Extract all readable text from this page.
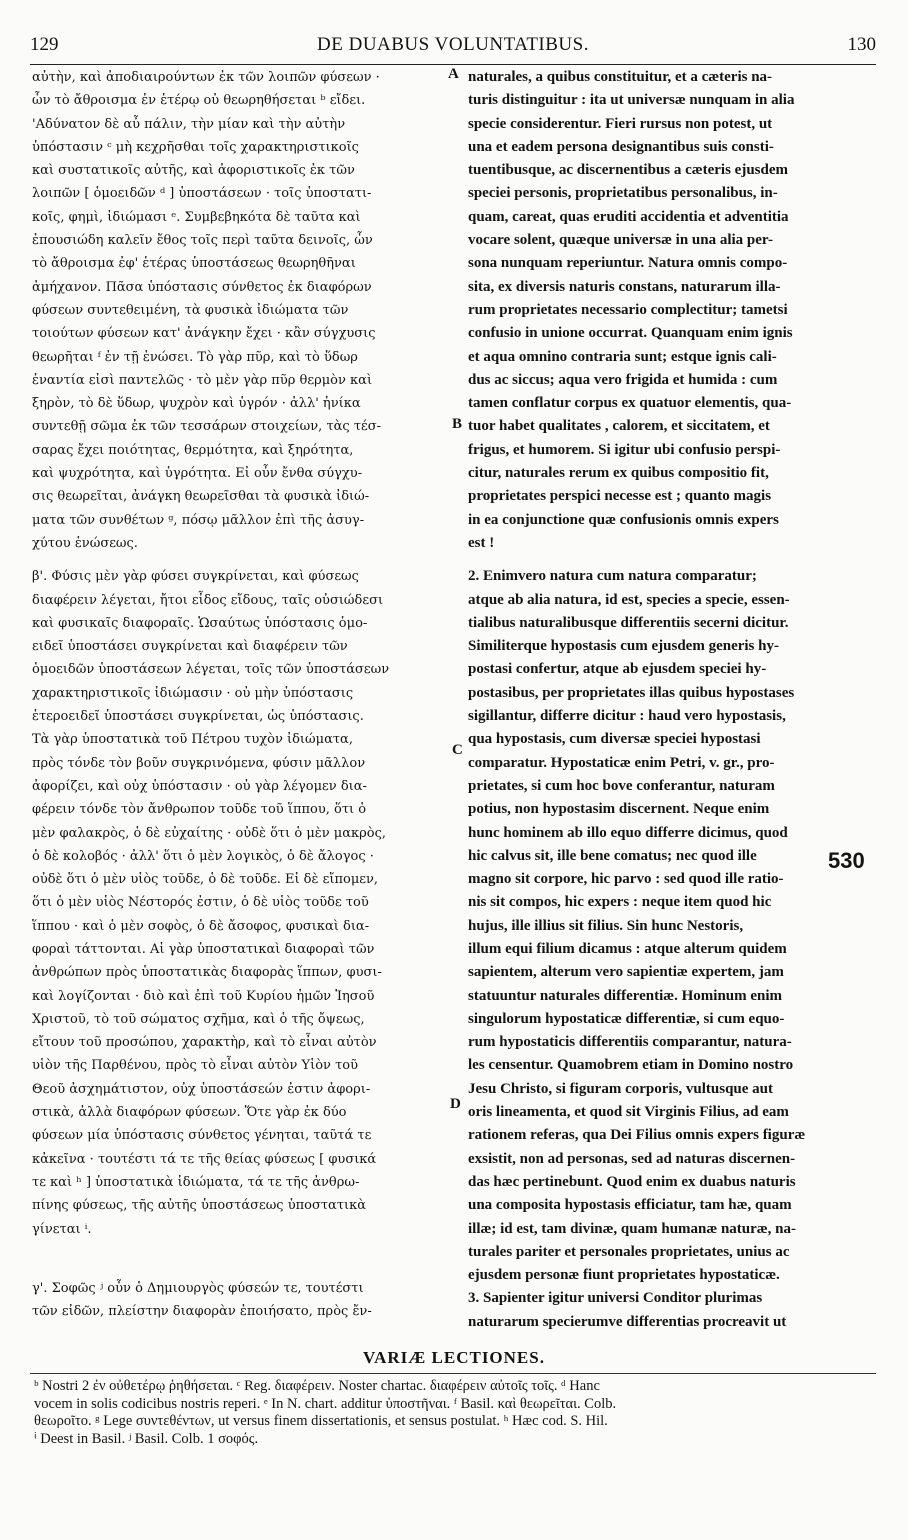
129	DE DUABUS VOLUNTATIBUS.	130
αὐτὴν, καὶ ἀποδιαιρούντων ἐκ τῶν λοιπῶν φύσεων ·
ὧν τὸ ἄθροισμα ἐν ἑτέρῳ οὐ θεωρηθήσεται ᵇ εἴδει.
'Αδύνατον δὲ αὖ πάλιν, τὴν μίαν καὶ τὴν αὐτὴν
ὑπόστασιν ᶜ μὴ κεχρῆσθαι τοῖς χαρακτηριστικοῖς
καὶ συστατικοῖς αὐτῆς, καὶ ἀφοριστικοῖς ἐκ τῶν
λοιπῶν [ ὁμοειδῶν ᵈ ] ὑποστάσεων · τοῖς ὑποστατι-
κοῖς, φημὶ, ἰδιώμασι ᵉ. Συμβεβηκότα δὲ ταῦτα καὶ
ἐπουσιώδη καλεῖν ἔθος τοῖς περὶ ταῦτα δεινοῖς, ὧν
τὸ ἄθροισμα ἐφ' ἑτέρας ὑποστάσεως θεωρηθῆναι
ἀμήχανον. Πᾶσα ὑπόστασις σύνθετος ἐκ διαφόρων
φύσεων συντεθειμένη, τὰ φυσικὰ ἰδιώματα τῶν
τοιούτων φύσεων κατ' ἀνάγκην ἔχει · κἂν σύγχυσις
θεωρῆται ᶠ ἐν τῇ ἑνώσει. Τὸ γὰρ πῦρ, καὶ τὸ ὕδωρ
ἐναντία εἰσὶ παντελῶς · τὸ μὲν γὰρ πῦρ θερμὸν καὶ
ξηρὸν, τὸ δὲ ὕδωρ, ψυχρὸν καὶ ὑγρόν · ἀλλ' ἡνίκα
συντεθῇ σῶμα ἐκ τῶν τεσσάρων στοιχείων, τὰς τέσ-
σαρας ἔχει ποιότητας, θερμότητα, καὶ ξηρότητα,
καὶ ψυχρότητα, καὶ ὑγρότητα. Εἰ οὖν ἔνθα σύγχυ-
σις θεωρεῖται, ἀνάγκη θεωρεῖσθαι τὰ φυσικὰ ἰδιώ-
ματα τῶν συνθέτων ᵍ, πόσῳ μᾶλλον ἐπὶ τῆς ἀσυγ-
χύτου ἑνώσεως.
β'. Φύσις μὲν γὰρ φύσει συγκρίνεται, καὶ φύσεως
διαφέρειν λέγεται, ἤτοι εἶδος εἴδους, ταῖς οὐσιώδεσι
καὶ φυσικαῖς διαφοραῖς. Ὡσαύτως ὑπόστασις ὁμο-
ειδεῖ ὑποστάσει συγκρίνεται καὶ διαφέρειν τῶν
ὁμοειδῶν ὑποστάσεων λέγεται, τοῖς τῶν ὑποστάσεων
χαρακτηριστικοῖς ἰδιώμασιν · οὐ μὴν ὑπόστασις
ἑτεροειδεῖ ὑποστάσει συγκρίνεται, ὡς ὑπόστασις.
Τὰ γὰρ ὑποστατικὰ τοῦ Πέτρου τυχὸν ἰδιώματα,
πρὸς τόνδε τὸν βοῦν συγκρινόμενα, φύσιν μᾶλλον
ἀφορίζει, καὶ οὐχ ὑπόστασιν · οὐ γὰρ λέγομεν δια-
φέρειν τόνδε τὸν ἄνθρωπον τοῦδε τοῦ ἵππου, ὅτι ὁ
μὲν φαλακρὸς, ὁ δὲ εὐχαίτης · οὐδὲ ὅτι ὁ μὲν μακρὸς,
ὁ δὲ κολοβός · ἀλλ' ὅτι ὁ μὲν λογικὸς, ὁ δὲ ἄλογος ·
οὐδὲ ὅτι ὁ μὲν υἱὸς τοῦδε, ὁ δὲ τοῦδε. Εἰ δὲ εἴπομεν,
ὅτι ὁ μὲν υἱὸς Νέστορός ἐστιν, ὁ δὲ υἱὸς τοῦδε τοῦ
ἵππου · καὶ ὁ μὲν σοφὸς, ὁ δὲ ἄσοφος, φυσικαὶ δια-
φοραὶ τάττονται. Αἱ γὰρ ὑποστατικαὶ διαφοραὶ τῶν
ἀνθρώπων πρὸς ὑποστατικὰς διαφορὰς ἵππων, φυσι-
καὶ λογίζονται · διὸ καὶ ἐπὶ τοῦ Κυρίου ἡμῶν Ἰησοῦ
Χριστοῦ, τὸ τοῦ σώματος σχῆμα, καὶ ὁ τῆς ὄψεως,
εἴτουν τοῦ προσώπου, χαρακτὴρ, καὶ τὸ εἶναι αὐτὸν
υἱὸν τῆς Παρθένου, πρὸς τὸ εἶναι αὐτὸν Υἱὸν τοῦ
Θεοῦ ἀσχημάτιστον, οὐχ ὑποστάσεών ἐστιν ἀφορι-
στικὰ, ἀλλὰ διαφόρων φύσεων. Ὅτε γὰρ ἐκ δύο
φύσεων μία ὑπόστασις σύνθετος γένηται, ταῦτά τε
κἀκεῖνα · τουτέστι τά τε τῆς θείας φύσεως [ φυσικά
τε καὶ ʰ ] ὑποστατικὰ ἰδιώματα, τά τε τῆς ἀνθρω-
πίνης φύσεως, τῆς αὐτῆς ὑποστάσεως ὑποστατικὰ
γίνεται ⁱ.
γ'. Σοφῶς ʲ οὖν ὁ Δημιουργὸς φύσεών τε, τουτέστι
τῶν εἰδῶν, πλείστην διαφορὰν ἐποιήσατο, πρὸς ἔν-
naturales, a quibus constituitur, et a cæteris na-
turis distinguitur : ita ut universæ nunquam in alia
specie considerentur. Fieri rursus non potest, ut
una et eadem persona designantibus suis consti-
tuentibusque, ac discernentibus a cæteris ejusdem
speciei personis, proprietatibus personalibus, in-
quam, careat, quas eruditi accidentia et adventitia
vocare solent, quæque universæ in una alia per-
sona nunquam reperiuntur. Natura omnis compo-
sita, ex diversis naturis constans, naturarum illa-
rum proprietates necessario complectitur; tametsi
confusio in unione occurrat. Quanquam enim ignis
et aqua omnino contraria sunt; estque ignis cali-
dus ac siccus; aqua vero frigida et humida : cum
tamen conflatur corpus ex quatuor elementis, qua-
tuor habet qualitates , calorem, et siccitatem, et
frigus, et humorem. Si igitur ubi confusio perspi-
citur, naturales rerum ex quibus compositio fit,
proprietates perspici necesse est ; quanto magis
in ea conjunctione quæ confusionis omnis expers
est !
2. Enimvero natura cum natura comparatur;
atque ab alia natura, id est, species a specie, essen-
tialibus naturalibusque differentiis secerni dicitur.
Similiterque hypostasis cum ejusdem generis hy-
postasi confertur, atque ab ejusdem speciei hy-
postasibus, per proprietates illas quibus hypostases
sigillantur, differre dicitur : haud vero hypostasis,
qua hypostasis, cum diversæ speciei hypostasi
comparatur. Hypostaticæ enim Petri, v. gr., pro-
prietates, si cum hoc bove conferantur, naturam
potius, non hypostasim discernent. Neque enim
hunc hominem ab illo equo differre dicimus, quod
hic calvus sit, ille bene comatus; nec quod ille
magno sit corpore, hic parvo : sed quod ille ratio-
nis sit compos, hic expers : neque item quod hic
hujus, ille illius sit filius. Sin hunc Nestoris,
illum equi filium dicamus : atque alterum quidem
sapientem, alterum vero sapientiæ expertem, jam
statuuntur naturales differentiæ. Hominum enim
singulorum hypostaticæ differentiæ, si cum equo-
rum hypostaticis differentiis comparantur, natura-
les censentur. Quamobrem etiam in Domino nostro
Jesu Christo, si figuram corporis, vultusque aut
oris lineamenta, et quod sit Virginis Filius, ad eam
rationem referas, qua Dei Filius omnis expers figuræ
exsistit, non ad personas, sed ad naturas discernen-
das hæc pertinebunt. Quod enim ex duabus naturis
una composita hypostasis efficiatur, tam hæ, quam
illæ; id est, tam divinæ, quam humanæ naturæ, na-
turales pariter et personales proprietates, unius ac
ejusdem personæ fiunt proprietates hypostaticæ.
3. Sapienter igitur universi Conditor plurimas
naturarum specierumve differentias procreavit ut
A
B
C
D
530
VARIÆ LECTIONES.
ᵇ Nostri 2 ἐν οὐθετέρῳ ῥηθήσεται. ᶜ Reg. διαφέρειν. Noster chartac. διαφέρειν αὐτοῖς τοῖς. ᵈ Hanc
vocem in solis codicibus nostris reperi. ᵉ In N. chart. additur ὑποστῆναι. ᶠ Basil. καὶ θεωρεῖται. Colb.
θεωροῖτο. ᵍ Lege συντεθέντων, ut versus finem dissertationis, et sensus postulat. ʰ Hæc cod. S. Hil.
ⁱ Deest in Basil. ʲ Basil. Colb. 1 σοφός.
